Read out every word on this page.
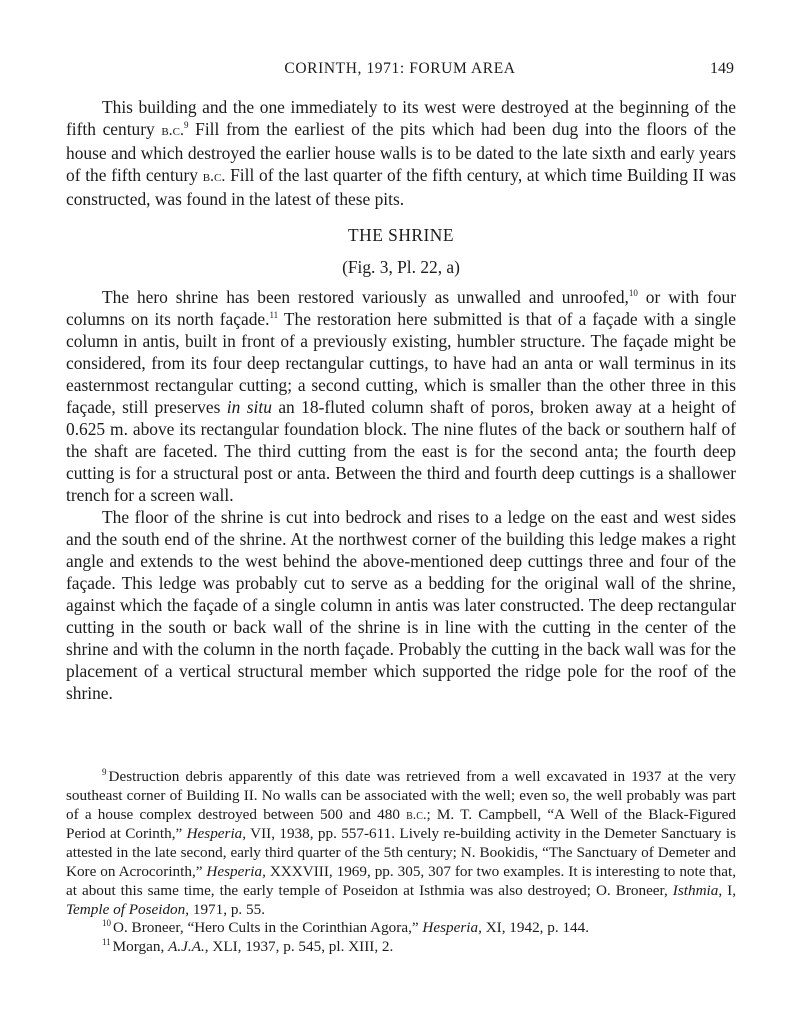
CORINTH, 1971: FORUM AREA	149

This building and the one immediately to its west were destroyed at the beginning of the fifth century b.c.$^9$ Fill from the earliest of the pits which had been dug into the floors of the house and which destroyed the earlier house walls is to be dated to the late sixth and early years of the fifth century b.c. Fill of the last quarter of the fifth century, at which time Building II was constructed, was found in the latest of these pits.

THE SHRINE
(Fig. 3, Pl. 22, a)

The hero shrine has been restored variously as unwalled and unroofed,$^{10}$ or with four columns on its north façade.$^{11}$ The restoration here submitted is that of a façade with a single column in antis, built in front of a previously existing, humbler structure. The façade might be considered, from its four deep rectangular cuttings, to have had an anta or wall terminus in its easternmost rectangular cutting; a second cutting, which is smaller than the other three in this façade, still preserves in situ an 18-fluted column shaft of poros, broken away at a height of 0.625 m. above its rectangular foundation block. The nine flutes of the back or southern half of the shaft are faceted. The third cutting from the east is for the second anta; the fourth deep cutting is for a structural post or anta. Between the third and fourth deep cuttings is a shallower trench for a screen wall.

The floor of the shrine is cut into bedrock and rises to a ledge on the east and west sides and the south end of the shrine. At the northwest corner of the building this ledge makes a right angle and extends to the west behind the above-mentioned deep cuttings three and four of the façade. This ledge was probably cut to serve as a bedding for the original wall of the shrine, against which the façade of a single column in antis was later constructed. The deep rectangular cutting in the south or back wall of the shrine is in line with the cutting in the center of the shrine and with the column in the north façade. Probably the cutting in the back wall was for the placement of a vertical structural member which supported the ridge pole for the roof of the shrine.

$^9$ Destruction debris apparently of this date was retrieved from a well excavated in 1937 at the very southeast corner of Building II. No walls can be associated with the well; even so, the well probably was part of a house complex destroyed between 500 and 480 b.c.; M. T. Campbell, “A Well of the Black-Figured Period at Corinth,” Hesperia, VII, 1938, pp. 557-611. Lively re-building activity in the Demeter Sanctuary is attested in the late second, early third quarter of the 5th century; N. Bookidis, “The Sanctuary of Demeter and Kore on Acrocorinth,” Hesperia, XXXVIII, 1969, pp. 305, 307 for two examples. It is interesting to note that, at about this same time, the early temple of Poseidon at Isthmia was also destroyed; O. Broneer, Isthmia, I, Temple of Poseidon, 1971, p. 55.

$^{10}$ O. Broneer, “Hero Cults in the Corinthian Agora,” Hesperia, XI, 1942, p. 144.

$^{11}$ Morgan, A.J.A., XLI, 1937, p. 545, pl. XIII, 2.
